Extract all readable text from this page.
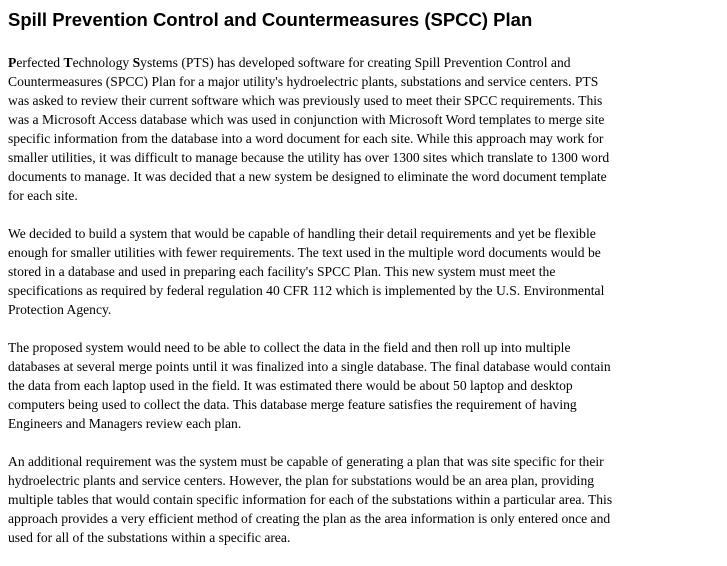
Spill Prevention Control and Countermeasures (SPCC) Plan

Perfected Technology Systems (PTS) has developed software for creating Spill Prevention Control and
Countermeasures (SPCC) Plan for a major utility's hydroelectric plants, substations and service centers. PTS
was asked to review their current software which was previously used to meet their SPCC requirements. This
was a Microsoft Access database which was used in conjunction with Microsoft Word templates to merge site
specific information from the database into a word document for each site. While this approach may work for
smaller utilities, it was difficult to manage because the utility has over 1300 sites which translate to 1300 word
documents to manage. It was decided that a new system be designed to eliminate the word document template
for each site.

We decided to build a system that would be capable of handling their detail requirements and yet be flexible
enough for smaller utilities with fewer requirements. The text used in the multiple word documents would be
stored in a database and used in preparing each facility's SPCC Plan. This new system must meet the
specifications as required by federal regulation 40 CFR 112 which is implemented by the U.S. Environmental
Protection Agency.

The proposed system would need to be able to collect the data in the field and then roll up into multiple
databases at several merge points until it was finalized into a single database. The final database would contain
the data from each laptop used in the field. It was estimated there would be about 50 laptop and desktop
computers being used to collect the data. This database merge feature satisfies the requirement of having
Engineers and Managers review each plan.

An additional requirement was the system must be capable of generating a plan that was site specific for their
hydroelectric plants and service centers. However, the plan for substations would be an area plan, providing
multiple tables that would contain specific information for each of the substations within a particular area. This
approach provides a very efficient method of creating the plan as the area information is only entered once and
used for all of the substations within a specific area.
